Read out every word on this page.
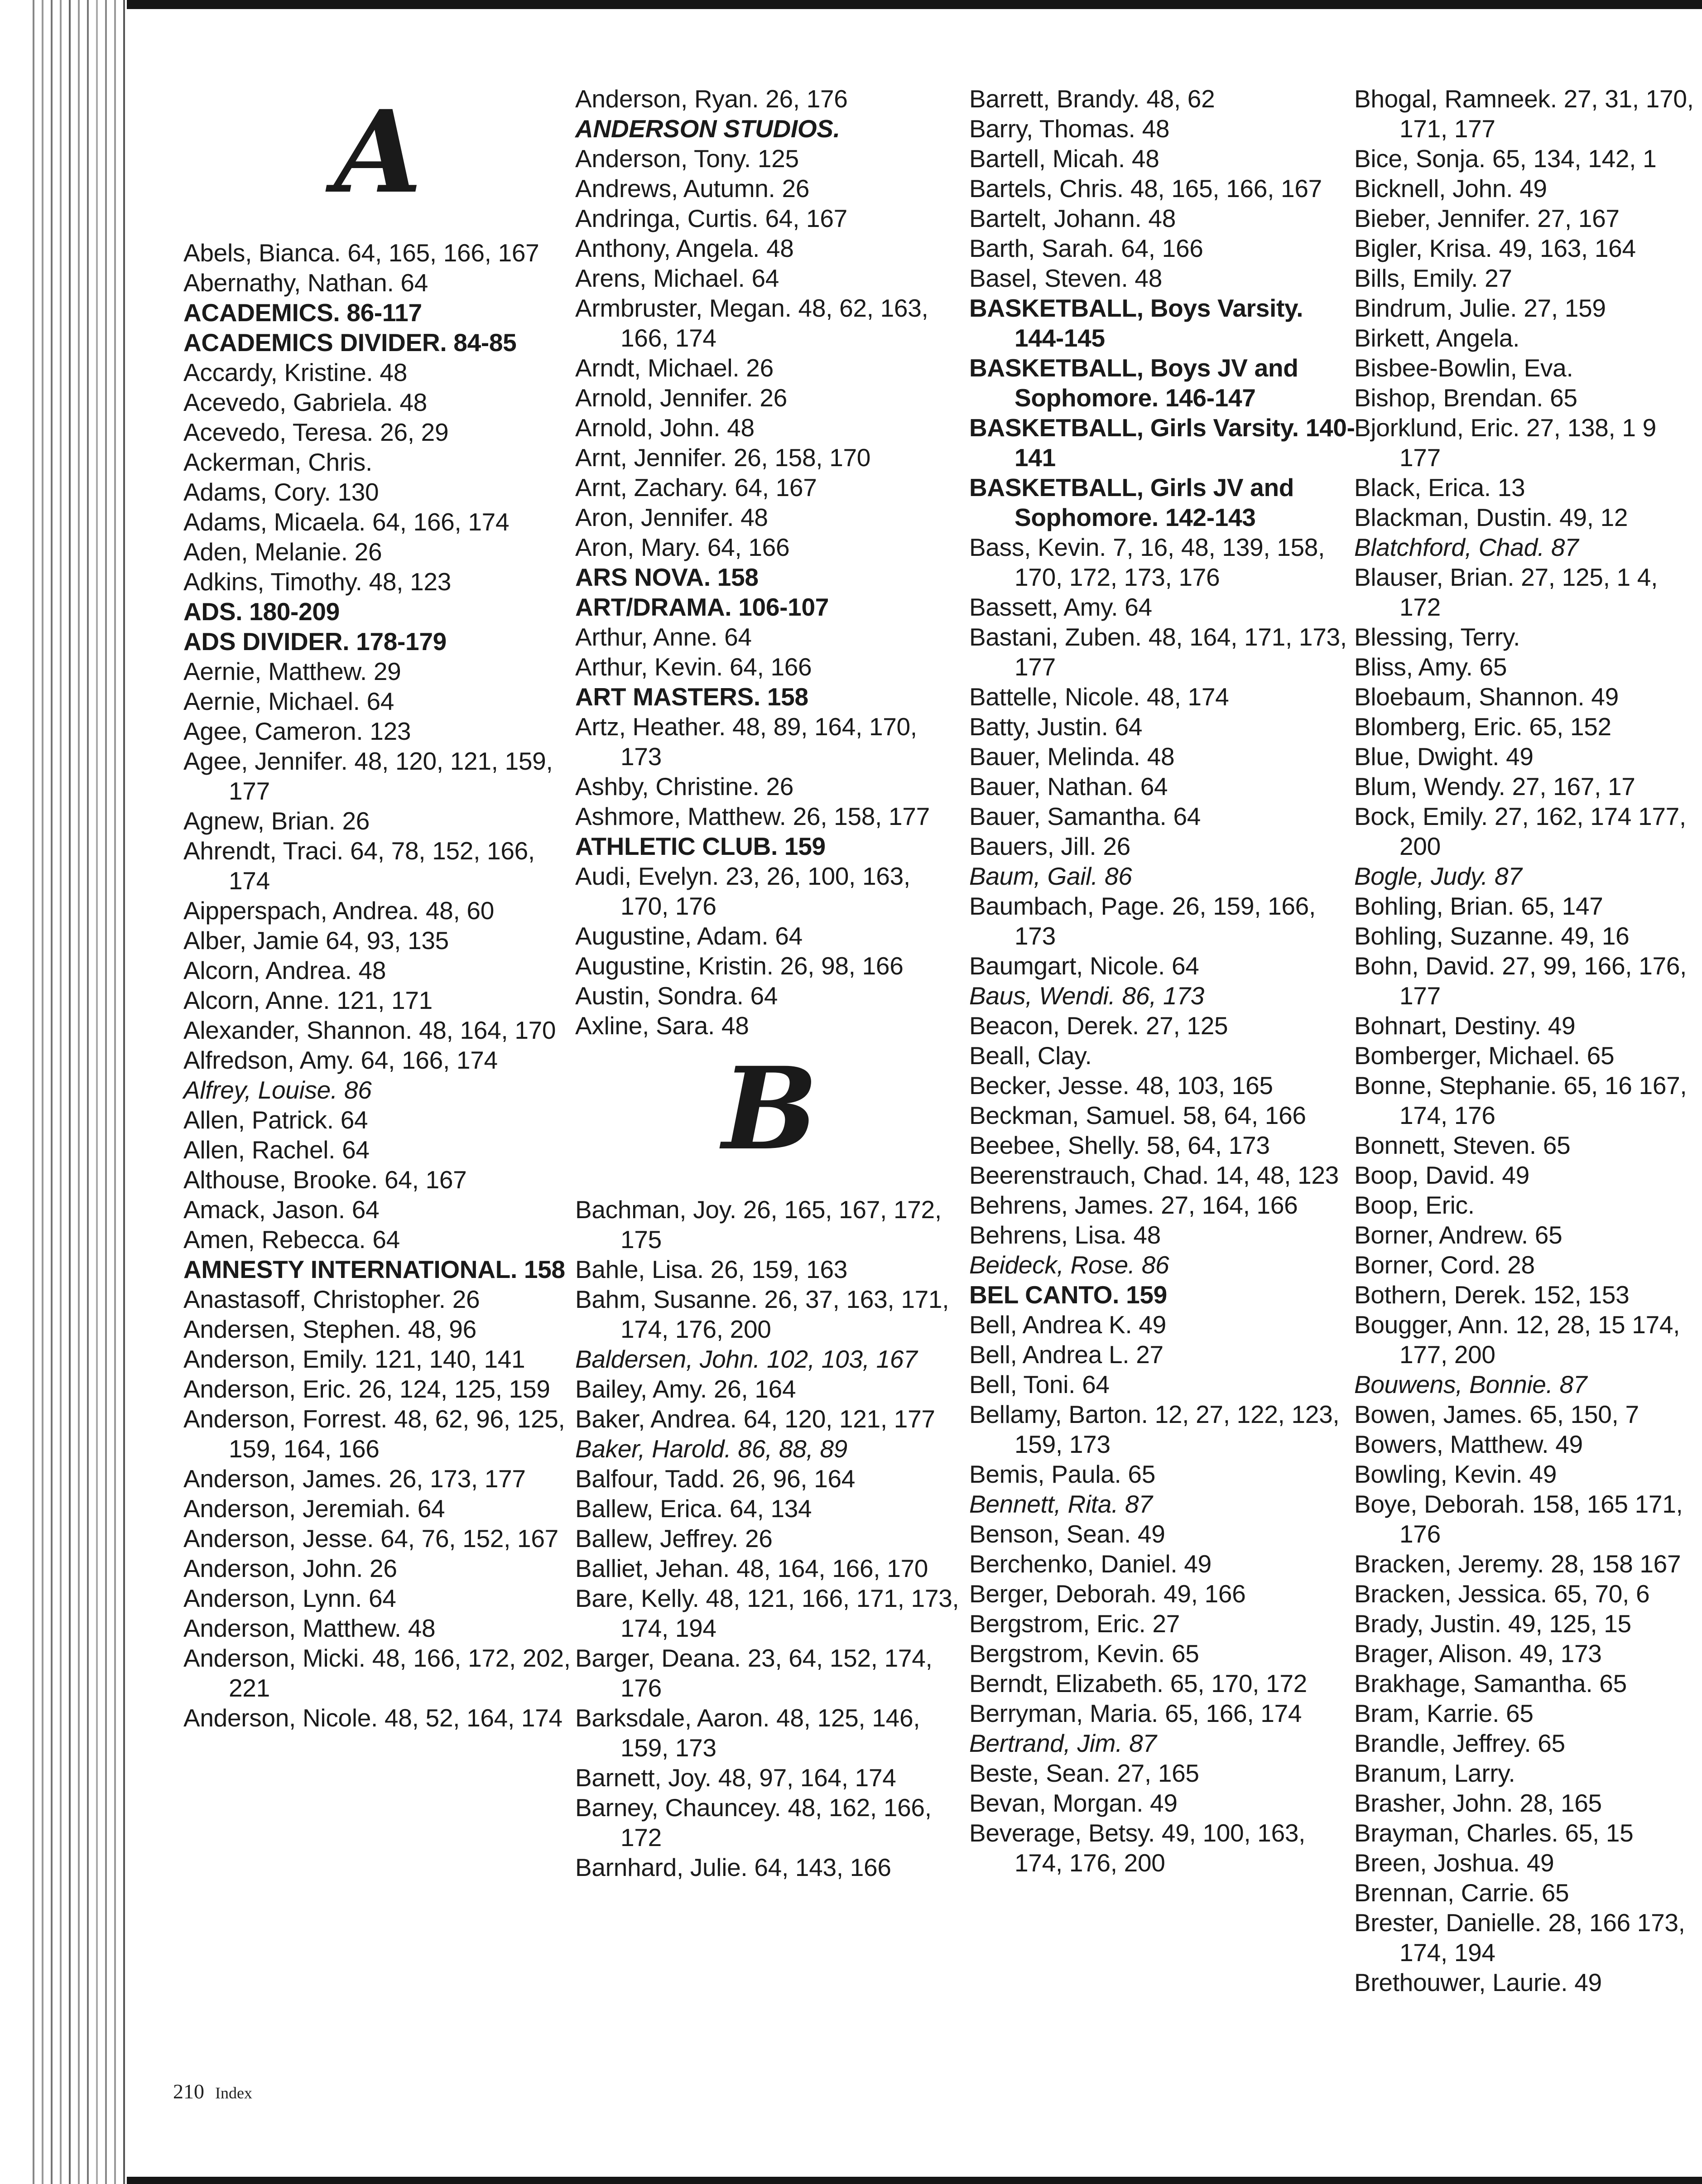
A
Abels, Bianca. 64, 165, 166, 167
Abernathy, Nathan. 64
ACADEMICS. 86-117
ACADEMICS DIVIDER. 84-85
Accardy, Kristine. 48
Acevedo, Gabriela. 48
Acevedo, Teresa. 26, 29
Ackerman, Chris.
Adams, Cory. 130
Adams, Micaela. 64, 166, 174
Aden, Melanie. 26
Adkins, Timothy. 48, 123
ADS. 180-209
ADS DIVIDER. 178-179
Aernie, Matthew. 29
Aernie, Michael. 64
Agee, Cameron. 123
Agee, Jennifer. 48, 120, 121, 159, 177
Agnew, Brian. 26
Ahrendt, Traci. 64, 78, 152, 166, 174
Aipperspach, Andrea. 48, 60
Alber, Jamie 64, 93, 135
Alcorn, Andrea. 48
Alcorn, Anne. 121, 171
Alexander, Shannon. 48, 164, 170
Alfredson, Amy. 64, 166, 174
Alfrey, Louise. 86
Allen, Patrick. 64
Allen, Rachel. 64
Althouse, Brooke. 64, 167
Amack, Jason. 64
Amen, Rebecca. 64
AMNESTY INTERNATIONAL. 158
Anastasoff, Christopher. 26
Andersen, Stephen. 48, 96
Anderson, Emily. 121, 140, 141
Anderson, Eric. 26, 124, 125, 159
Anderson, Forrest. 48, 62, 96, 125, 159, 164, 166
Anderson, James. 26, 173, 177
Anderson, Jeremiah. 64
Anderson, Jesse. 64, 76, 152, 167
Anderson, John. 26
Anderson, Lynn. 64
Anderson, Matthew. 48
Anderson, Micki. 48, 166, 172, 202, 221
Anderson, Nicole. 48, 52, 164, 174
Anderson, Ryan. 26, 176
ANDERSON STUDIOS.
Anderson, Tony. 125
Andrews, Autumn. 26
Andringa, Curtis. 64, 167
Anthony, Angela. 48
Arens, Michael. 64
Armbruster, Megan. 48, 62, 163, 166, 174
Arndt, Michael. 26
Arnold, Jennifer. 26
Arnold, John. 48
Arnt, Jennifer. 26, 158, 170
Arnt, Zachary. 64, 167
Aron, Jennifer. 48
Aron, Mary. 64, 166
ARS NOVA. 158
ART/DRAMA. 106-107
Arthur, Anne. 64
Arthur, Kevin. 64, 166
ART MASTERS. 158
Artz, Heather. 48, 89, 164, 170, 173
Ashby, Christine. 26
Ashmore, Matthew. 26, 158, 177
ATHLETIC CLUB. 159
Audi, Evelyn. 23, 26, 100, 163, 170, 176
Augustine, Adam. 64
Augustine, Kristin. 26, 98, 166
Austin, Sondra. 64
Axline, Sara. 48
B
Bachman, Joy. 26, 165, 167, 172, 175
Bahle, Lisa. 26, 159, 163
Bahm, Susanne. 26, 37, 163, 171, 174, 176, 200
Baldersen, John. 102, 103, 167
Bailey, Amy. 26, 164
Baker, Andrea. 64, 120, 121, 177
Baker, Harold. 86, 88, 89
Balfour, Tadd. 26, 96, 164
Ballew, Erica. 64, 134
Ballew, Jeffrey. 26
Balliet, Jehan. 48, 164, 166, 170
Bare, Kelly. 48, 121, 166, 171, 173, 174, 194
Barger, Deana. 23, 64, 152, 174, 176
Barksdale, Aaron. 48, 125, 146, 159, 173
Barnett, Joy. 48, 97, 164, 174
Barney, Chauncey. 48, 162, 166, 172
Barnhard, Julie. 64, 143, 166
Barrett, Brandy. 48, 62
Barry, Thomas. 48
Bartell, Micah. 48
Bartels, Chris. 48, 165, 166, 167
Bartelt, Johann. 48
Barth, Sarah. 64, 166
Basel, Steven. 48
BASKETBALL, Boys Varsity. 144-145
BASKETBALL, Boys JV and Sophomore. 146-147
BASKETBALL, Girls Varsity. 140-141
BASKETBALL, Girls JV and Sophomore. 142-143
Bass, Kevin. 7, 16, 48, 139, 158, 170, 172, 173, 176
Bassett, Amy. 64
Bastani, Zuben. 48, 164, 171, 173, 177
Battelle, Nicole. 48, 174
Batty, Justin. 64
Bauer, Melinda. 48
Bauer, Nathan. 64
Bauer, Samantha. 64
Bauers, Jill. 26
Baum, Gail. 86
Baumbach, Page. 26, 159, 166, 173
Baumgart, Nicole. 64
Baus, Wendi. 86, 173
Beacon, Derek. 27, 125
Beall, Clay.
Becker, Jesse. 48, 103, 165
Beckman, Samuel. 58, 64, 166
Beebee, Shelly. 58, 64, 173
Beerenstrauch, Chad. 14, 48, 123
Behrens, James. 27, 164, 166
Behrens, Lisa. 48
Beideck, Rose. 86
BEL CANTO. 159
Bell, Andrea K. 49
Bell, Andrea L. 27
Bell, Toni. 64
Bellamy, Barton. 12, 27, 122, 123, 159, 173
Bemis, Paula. 65
Bennett, Rita. 87
Benson, Sean. 49
Berchenko, Daniel. 49
Berger, Deborah. 49, 166
Bergstrom, Eric. 27
Bergstrom, Kevin. 65
Berndt, Elizabeth. 65, 170, 172
Berryman, Maria. 65, 166, 174
Bertrand, Jim. 87
Beste, Sean. 27, 165
Bevan, Morgan. 49
Beverage, Betsy. 49, 100, 163, 174, 176, 200
Bhogal, Ramneek. 27, 31, 170, 171, 177
Bice, Sonja. 65, 134, 142, 1
Bicknell, John. 49
Bieber, Jennifer. 27, 167
Bigler, Krisa. 49, 163, 164
Bills, Emily. 27
Bindrum, Julie. 27, 159
Birkett, Angela.
Bisbee-Bowlin, Eva.
Bishop, Brendan. 65
Bjorklund, Eric. 27, 138, 1 9 177
Black, Erica. 13
Blackman, Dustin. 49, 12
Blatchford, Chad. 87
Blauser, Brian. 27, 125, 1 4, 172
Blessing, Terry.
Bliss, Amy. 65
Bloebaum, Shannon. 49
Blomberg, Eric. 65, 152
Blue, Dwight. 49
Blum, Wendy. 27, 167, 17
Bock, Emily. 27, 162, 174 177, 200
Bogle, Judy. 87
Bohling, Brian. 65, 147
Bohling, Suzanne. 49, 16
Bohn, David. 27, 99, 166, 176, 177
Bohnart, Destiny. 49
Bomberger, Michael. 65
Bonne, Stephanie. 65, 16 167, 174, 176
Bonnett, Steven. 65
Boop, David. 49
Boop, Eric.
Borner, Andrew. 65
Borner, Cord. 28
Bothern, Derek. 152, 153
Bougger, Ann. 12, 28, 15 174, 177, 200
Bouwens, Bonnie. 87
Bowen, James. 65, 150, 7
Bowers, Matthew. 49
Bowling, Kevin. 49
Boye, Deborah. 158, 165 171, 176
Bracken, Jeremy. 28, 158 167
Bracken, Jessica. 65, 70, 6
Brady, Justin. 49, 125, 15
Brager, Alison. 49, 173
Brakhage, Samantha. 65
Bram, Karrie. 65
Brandle, Jeffrey. 65
Branum, Larry.
Brasher, John. 28, 165
Brayman, Charles. 65, 15
Breen, Joshua. 49
Brennan, Carrie. 65
Brester, Danielle. 28, 166 173, 174, 194
Brethouwer, Laurie. 49
210 Index
